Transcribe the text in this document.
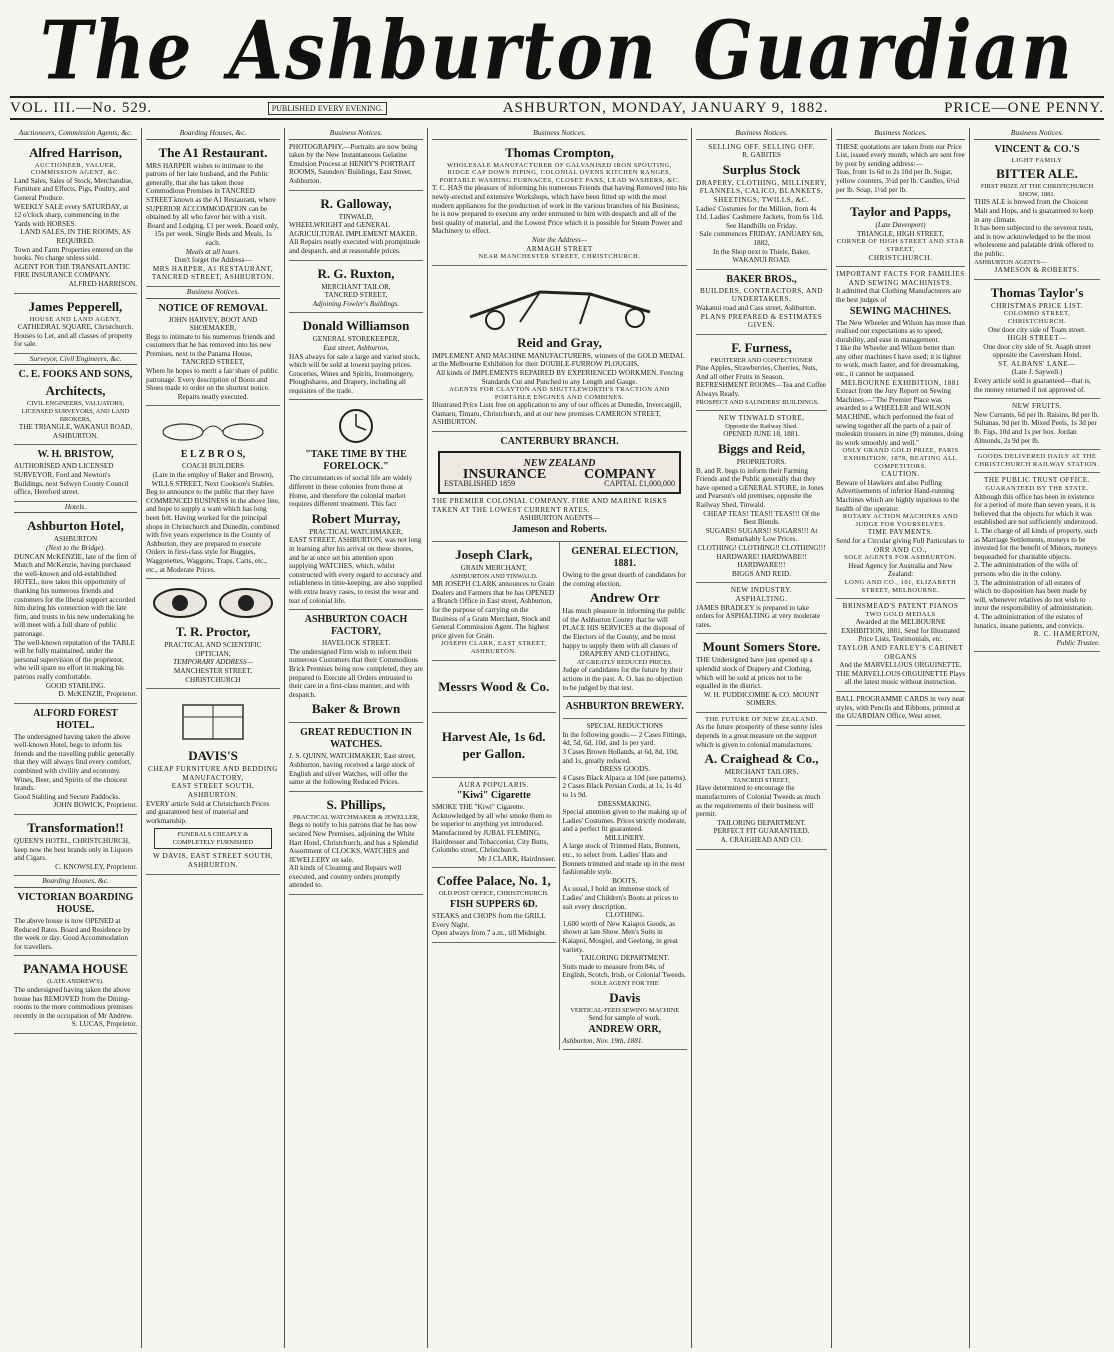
The Ashburton Guardian
VOL. III.—No. 529.	PUBLISHED EVERY EVENING.	ASHBURTON, MONDAY, JANUARY 9, 1882.	PRICE—ONE PENNY.
Auctioneers, Commission Agents, &c.
Alfred Harrison,
AUCTIONEER, VALUER, COMMISSION AGENT, &C.

Land Sales, Sales of Stock, Merchandise, Furniture and Effects, Pigs, Poultry, and General Produce.

WEEKLY SALE every SATURDAY, at 12 o'clock sharp, commencing in the Yards with HORSES.

LAND SALES, IN THE ROOMS, AS REQUIRED.

Town and Farm Properties entered on the books. No charge unless sold.

AGENT FOR THE TRANSATLANTIC FIRE INSURANCE COMPANY.

ALFRED HARRISON.

James Pepperell,
HOUSE AND LAND AGENT,

CATHEDRAL SQUARE, Christchurch.

Houses to Let, and all classes of property for sale.

Surveyor, Civil Engineers, &c.
C. E. FOOKS AND SONS,
Architects,

CIVIL ENGINEERS, VALUATORS, LICENSED SURVEYORS, AND LAND BROKERS,

THE TRIANGLE, WAKANUI ROAD,

ASHBURTON.

W. H. BRISTOW,

AUTHORISED AND LICENSED SURVEYOR, Ford and Newton's Buildings, next Selwyn County Council office, Hereford street.

Hotels.
Ashburton Hotel,
ASHBURTON
(Next to the Bridge).

DUNCAN McKENZIE, late of the firm of Mutch and McKenzie, having purchased the well-known and old-established HOTEL, now takes this opportunity of thanking his numerous friends and customers for the liberal support accorded him during his connection with the late firm, and trusts in his new undertaking he will meet with a full share of public patronage.

The well-known reputation of the TABLE will be fully maintained, under the personal supervision of the proprietor, who will spare no effort in making his patrons really comfortable.

GOOD STABLING.

D. McKENZIE, Proprietor.

ALFORD FOREST HOTEL.

The undersigned having taken the above well-known Hotel, begs to inform his friends and the travelling public generally that they will always find every comfort, combined with civility and economy. Wines, Beer, and Spirits of the choicest brands.

Good Stabling and Secure Paddocks.

JOHN BOWICK, Proprietor.

Transformation!!

QUEEN'S HOTEL, CHRISTCHURCH, keep now the best brands only in Liquors and Cigars.

C. KNOWSLEY, Proprietor.

Boarding Houses, &c.
VICTORIAN BOARDING HOUSE.

The above house is now OPENED at Reduced Rates. Board and Residence by the week or day. Good Accommodation for travellers.

PANAMA HOUSE
(LATE ANDREW'S).

The undersigned having taken the above house has REMOVED from the Dining-rooms to the more commodious premises recently in the occupation of Mr Andrew.

S. LUCAS, Proprietor.

Boarding Houses, &c.
The A1 Restaurant.

MRS HARPER wishes to intimate to the patrons of her late husband, and the Public generally, that she has taken those Commodious Premises in TANCRED STREET known as the A1 Restaurant, where SUPERIOR ACCOMMODATION can be obtained by all who favor her with a visit.

Board and Lodging, £1 per week. Board only, 15s per week. Single Beds and Meals, 1s each.

Meals at all hours.

Don't forget the Address—

MRS HARPER, A1 RESTAURANT, TANCRED STREET, ASHBURTON.

Business Notices.
NOTICE OF REMOVAL

JOHN HARVEY, BOOT AND SHOEMAKER,

Begs to intimate to his numerous friends and customers that he has removed into his new Premises, next to the Panama House,

TANCRED STREET,

Where he hopes to merit a fair share of public patronage. Every description of Boots and Shoes made to order on the shortest notice.

Repairs neatly executed.

E L Z B R O S,
COACH BUILDERS

(Late in the employ of Baker and Brown), WILLS STREET, Next Cookson's Stables.

Beg to announce to the public that they have COMMENCED BUSINESS in the above line, and hope to supply a want which has long been felt. Having worked for the principal shops in Christchurch and Dunedin, combined with five years experience in the County of Ashburton, they are prepared to execute Orders in first-class style for Buggies, Waggonettes, Waggons, Traps, Carts, etc., etc., at Moderate Prices.

T. R. Proctor,
PRACTICAL AND SCIENTIFIC
OPTICIAN,

TEMPORARY ADDRESS—

MANCHESTER STREET, CHRISTCHURCH

DAVIS'S

CHEAP FURNITURE AND BEDDING MANUFACTORY,

EAST STREET SOUTH, ASHBURTON.

EVERY article Sold at Christchurch Prices and guaranteed best of material and workmanship.

FUNERALS CHEAPLY & COMPLETELY FURNISHED

W DAVIS, EAST STREET SOUTH, ASHBURTON.

Business Notices.

PHOTOGRAPHY.—Portraits are now being taken by the New Instantaneous Gelatine Emulsion Process at HENRY'S PORTRAIT ROOMS, Saunders' Buildings, East Street, Ashburton.

R. Galloway,
TINWALD,

WHEELWRIGHT and GENERAL AGRICULTURAL IMPLEMENT MAKER.

All Repairs neatly executed with promptitude and despatch, and at reasonable prices.

R. G. Ruxton,
MERCHANT TAILOR,
TANCRED STREET,

Adjoining Fowler's Buildings.

Donald Williamson
GENERAL STOREKEEPER,
East street, Ashburton,

HAS always for sale a large and varied stock, which will be sold at lowest paying prices.

Groceries, Wines and Spirits, Ironmongery, Ploughshares, and Drapery, including all requisites of the trade.

"TAKE TIME BY THE FORELOCK."

The circumstances of social life are widely different in these colonies from those at Home, and therefore the colonial market requires different treatment. This fact

Robert Murray,
PRACTICAL WATCHMAKER,

EAST STREET, ASHBURTON, was not long in learning after his arrival on these shores, and he at once set his attention upon supplying WATCHES, which, whilst constructed with every regard to accuracy and reliableness in time-keeping, are also supplied with extra heavy cases, to resist the wear and tear of colonial life.

ASHBURTON COACH FACTORY,
HAVELOCK STREET.

The undersigned Firm wish to inform their numerous Customers that their Commodious Brick Premises being now completed, they are prepared to Execute all Orders entrusted to their care in a first-class manner, and with despatch.

Baker & Brown
GREAT REDUCTION IN WATCHES.

J. S. QUINN, WATCHMAKER, East street, Ashburton, having received a large stock of English and silver Watches, will offer the same at the following Reduced Prices.

S. Phillips,
PRACTICAL WATCHMAKER & JEWELLER,

Begs to notify to his patrons that he has now secured New Premises, adjoining the White Hart Hotel, Christchurch, and has a Splendid Assortment of CLOCKS, WATCHES and JEWELLERY on sale.

All kinds of Cleaning and Repairs well executed, and country orders promptly attended to.

Business Notices.
Thomas Crompton,

WHOLESALE MANUFACTURER OF GALVANISED IRON SPOUTING,

RIDGE CAP DOWN PIPING, COLONIAL OVENS KITCHEN RANGES, PORTABLE WASHING FURNACES, CLOSET PANS, LEAD WASHERS, &C.

T. C. HAS the pleasure of informing his numerous Friends that having Removed into his newly-erected and extensive Workshops, which have been fitted up with the most modern appliances for the production of work in the various branches of his Business, he is now prepared to execute any order entrusted to him with despatch and all of the best quality of material, and the Lowest Price which it is possible for Steam Power and Machinery to effect.

Note the Address—

ARMAGH STREET

NEAR MANCHESTER STREET, CHRISTCHURCH.

Reid and Gray,

IMPLEMENT AND MACHINE MANUFACTURERS, winners of the GOLD MEDAL at the Melbourne Exhibition for their DOUBLE-FURROW PLOUGHS.

All kinds of IMPLEMENTS REPAIRED BY EXPERIENCED WORKMEN. Fencing Standards Cut and Punched to any Length and Gauge.

AGENTS FOR CLAYTON AND SHUTTLEWORTH'S TRACTION AND PORTABLE ENGINES AND COMBINES.

Illustrated Price Lists free on application to any of our offices at Dunedin, Invercargill, Oamaru, Timaru, Christchurch, and at our new premises CAMERON STREET, ASHBURTON.

CANTERBURY BRANCH.
NEW ZEALAND
INSURANCE	COMPANY
ESTABLISHED 1859	CAPITAL £1,000,000

THE PREMIER COLONIAL COMPANY. FIRE AND MARINE RISKS TAKEN AT THE LOWEST CURRENT RATES.

ASHBURTON AGENTS—

Jameson and Roberts.
Joseph Clark,
GRAIN MERCHANT,
ASHBURTON AND TINWALD.

MR JOSEPH CLARK announces to Grain Dealers and Farmers that he has OPENED a Branch Office in East street, Ashburton, for the purpose of carrying on the Business of a Grain Merchant, Stock and General Commission Agent. The highest price given for Grain.

JOSEPH CLARK, EAST STREET, ASHBURTON.

Messrs Wood & Co.
Harvest Ale, 1s 6d.
per Gallon.
AURA POPULARIS.
"Kiwi" Cigarette

SMOKE THE "Kiwi" Cigarette. Acknowledged by all who smoke them to be superior to anything yet introduced.

Manufactured by JUBAL FLEMING, Hairdresser and Tobacconist, City Butts, Colombo street, Christchurch.

Mr J CLARK, Hairdresser.

Coffee Palace, No. 1,
OLD POST OFFICE, CHRISTCHURCH.

FISH SUPPERS 6D.

STEAKS and CHOPS from the GRILL Every Night.

Open always from 7 a.m., till Midnight.

GENERAL ELECTION, 1881.

Owing to the great dearth of candidates for the coming election,

Andrew Orr

Has much pleasure in informing the public of the Ashburton County that he will PLACE HIS SERVICES at the disposal of the Electors of the County, and be most happy to supply them with all classes of

DRAPERY AND CLOTHING,

AT GREATLY REDUCED PRICES.

Judge of candidates for the future by their actions in the past. A. O. has no objection to be judged by that test.

ASHBURTON BREWERY.
SPECIAL REDUCTIONS

In the following goods:— 2 Cases Fittings, 4d, 5d, 6d, 10d, and 1s per yard.

3 Cases Brown Hollands, at 6d, 8d, 10d, and 1s, greatly reduced.

DRESS GOODS.

4 Cases Black Alpaca at 10d (see patterns). 2 Cases Black Persian Cords, at 1s, 1s 4d to 1s 9d.

DRESSMAKING.

Special attention given to the making up of Ladies' Costumes. Prices strictly moderate, and a perfect fit guaranteed.

MILLINERY.

A large stock of Trimmed Hats, Bonnets, etc., to select from. Ladies' Hats and Bonnets trimmed and made up in the most fashionable style.

BOOTS.

As usual, I hold an immense stock of Ladies' and Children's Boots at prices to suit every description.

CLOTHING.

1,600 worth of New Kaiapoi Goods, as shown at late Show. Men's Suits in Kaiapoi, Mosgiel, and Geelong, in great variety.

TAILORING DEPARTMENT.

Suits made to measure from 84s, of English, Scotch, Irish, or Colonial Tweeds.

SOLE AGENT FOR THE

Davis

VERTICAL-FEED SEWING MACHINE

Send for sample of work.

ANDREW ORR,

Ashburton, Nov. 19th, 1881.

Business Notices.
SELLING OFF. SELLING OFF.
R. GABITES
Surplus Stock

DRAPERY, CLOTHING, MILLINERY, FLANNELS, CALICO, BLANKETS, SHEETINGS, TWILLS, &C.

Ladies' Costumes for the Million, from 4s 11d. Ladies' Cashmere Jackets, from 6s 11d.

See Handbills on Friday.

Sale commences FRIDAY, JANUARY 6th, 1882,

In the Shop next to Thiele, Baker, WAKANUI ROAD.

BAKER BROS.,

BUILDERS, CONTRACTORS, AND UNDERTAKERS,

Wakanui road and Cass street, Ashburton.

PLANS PREPARED & ESTIMATES GIVEN.

F. Furness,
FRUITERER AND CONFECTIONER

Pine Apples, Strawberries, Cherries, Nuts, And all other Fruits in Season.

REFRESHMENT ROOMS—Tea and Coffee Always Ready.

PROSPECT AND SAUNDERS' BUILDINGS.

NEW TINWALD STORE,
Opposite the Railway Shed.

OPENED JUNE 18, 1881.

Biggs and Reid,
PROPRIETORS.

B. and R. begs to inform their Farming Friends and the Public generally that they have opened a GENERAL STORE, in Jones and Pearson's old premises, opposite the Railway Shed, Tinwald.

CHEAP TEAS! TEAS!! TEAS!!! Of the Best Blends.

SUGARS! SUGARS!! SUGARS!!! At Remarkably Low Prices.

CLOTHING! CLOTHING!! CLOTHING!!!

HARDWARE! HARDWARE!! HARDWARE!!!

BIGGS AND REID.

NEW INDUSTRY.
ASPHALTING.

JAMES BRADLEY is prepared to take orders for ASPHALTING at very moderate rates.

Mount Somers Store.

THE Undersigned have just opened up a splendid stock of Drapery and Clothing, which will be sold at prices not to be equalled in the district.

W. H. PUDDICOMBE & CO. MOUNT SOMERS.

THE FUTURE OF NEW ZEALAND.

As the future prosperity of these sunny isles depends in a great measure on the support which is given to colonial manufactures.

A. Craighead & Co.,
MERCHANT TAILORS,
TANCRED STREET,

Have determined to encourage the manufacturers of Colonial Tweeds as much as the requirements of their business will permit.

TAILORING DEPARTMENT.

PERFECT FIT GUARANTEED.

A. CRAIGHEAD AND CO.

Business Notices.

THESE quotations are taken from our Price List, issued every month, which are sent free by post by sending address:—

Teas, from 1s 6d to 2s 10d per lb. Sugar, yellow counters, 3½d per lb. Candles, 6½d per lb. Soap, 1½d per lb.

Taylor and Papps,
(Late Davenport)
TRIANGLE, HIGH STREET,
CORNER OF HIGH STREET AND STAR STREET,
CHRISTCHURCH.
IMPORTANT FACTS FOR FAMILIES AND SEWING MACHINISTS.

It admitted that Clothing Manufacturers are the best judges of

SEWING MACHINES.

The New Wheeler and Wilson has more than realised our expectations as to speed, durability, and ease in management.

I like the Wheeler and Wilson better than any other machines I have used; it is lighter to work, much faster, and for dressmaking, etc., it cannot be surpassed.

MELBOURNE EXHIBITION, 1881

Extract from the Jury Report on Sewing Machines.—"The Premier Place was awarded to a WHEELER and WILSON MACHINE, which performed the feat of sewing together all the parts of a pair of moleskin trousers in nine (9) minutes, doing its work smoothly and well."

ONLY GRAND GOLD PRIZE, PARIS EXHIBITION, 1878, BEATING ALL COMPETITORS.

CAUTION.

Beware of Hawkers and also Puffing Advertisements of inferior Hand-running Machines which are highly injurious to the health of the operator.

ROTARY ACTION MACHINES AND JUDGE FOR YOURSELVES.

TIME PAYMENTS.

Send for a Circular giving Full Particulars to

ORR AND CO.,

SOLE AGENTS FOR ASHBURTON.

Head Agency for Australia and New Zealand:

LONG AND CO., 101, ELIZABETH STREET, MELBOURNE.

BRINSMEAD'S PATENT PIANOS
TWO GOLD MEDALS

Awarded at the MELBOURNE EXHIBITION, 1881. Send for Illustrated Price Lists, Testimonials, etc.

TAYLOR AND FARLEY'S CABINET ORGANS

And the MARVELLOUS ORGUINETTE.

THE MARVELLOUS ORGUINETTE Plays all the latest music without instruction.

BALL PROGRAMME CARDS in very neat styles, with Pencils and Ribbons, printed at the GUARDIAN Office, West street.

Business Notices.
VINCENT & CO.'S
LIGHT FAMILY
BITTER ALE.

FIRST PRIZE AT THE CHRISTCHURCH SHOW, 1881.

THIS ALE is brewed from the Choicest Malt and Hops, and is guaranteed to keep in any climate.

It has been subjected to the severest tests, and is now acknowledged to be the most wholesome and palatable drink offered to the public.

ASHBURTON AGENTS—

JAMESON & ROBERTS.

Thomas Taylor's
CHRISTMAS PRICE LIST.

COLOMBO STREET, CHRISTCHURCH.

One door city side of Toam street.

HIGH STREET—

One door city side of St. Asaph street opposite the Caversham Hotel.

ST. ALBANS' LANE—

(Late J. Saywell.)

Every article sold is guaranteed—that is, the money returned if not approved of.

NEW FRUITS.

New Currants, 6d per lb. Raisins, 8d per lb. Sultanas, 9d per lb. Mixed Peels, 1s 3d per lb. Figs, 10d and 1s per box. Jordan Almonds, 2s 9d per lb.

GOODS DELIVERED DAILY AT THE CHRISTCHURCH RAILWAY STATION.

THE PUBLIC TRUST OFFICE.
GUARANTEED BY THE STATE.

Although this office has been in existence for a period of more than seven years, it is believed that the objects for which it was established are not sufficiently understood.

1. The charge of all kinds of property, such as Marriage Settlements, moneys to be invested for the benefit of Minors, moneys bequeathed for charitable objects.

2. The administration of the wills of persons who die in the colony.

3. The administration of all estates of which no disposition has been made by will, whenever relatives do not wish to incur the responsibility of administration.

4. The administration of the estates of lunatics, insane patients, and convicts.

R. C. HAMERTON,

Public Trustee.
